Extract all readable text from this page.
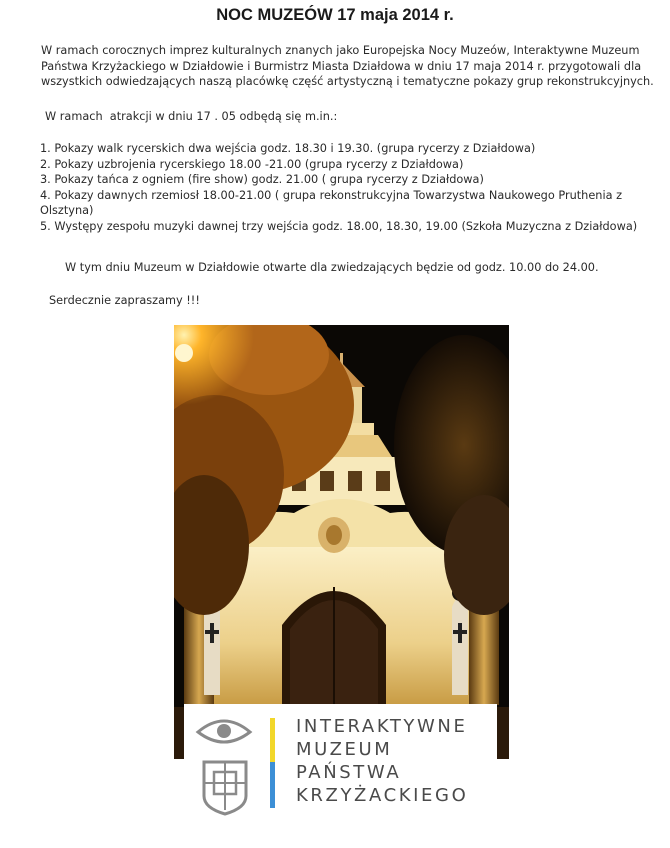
NOC MUZEÓW 17 maja 2014 r.
W ramach corocznych imprez kulturalnych znanych jako Europejska Nocy Muzeów, Interaktywne Muzeum
Państwa Krzyżackiego w Działdowie i Burmistrz Miasta Działdowa w dniu 17 maja 2014 r. przygotowali dla
wszystkich odwiedzających naszą placówkę część artystyczną i tematyczne pokazy grup rekonstrukcyjnych.
W ramach  atrakcji w dniu 17 . 05 odbędą się m.in.:
1. Pokazy walk rycerskich dwa wejścia godz. 18.30 i 19.30. (grupa rycerzy z Działdowa)
2. Pokazy uzbrojenia rycerskiego 18.00 -21.00 (grupa rycerzy z Działdowa)
3. Pokazy tańca z ogniem (fire show) godz. 21.00 ( grupa rycerzy z Działdowa)
4. Pokazy dawnych rzemiosł 18.00-21.00 ( grupa rekonstrukcyjna Towarzystwa Naukowego Pruthenia z
Olsztyna)
5. Występy zespołu muzyki dawnej trzy wejścia godz. 18.00, 18.30, 19.00 (Szkoła Muzyczna z Działdowa)
W tym dniu Muzeum w Działdowie otwarte dla zwiedzających będzie od godz. 10.00 do 24.00.
Serdecznie zapraszamy !!!
INTERAKTYWNE
MUZEUM
PAŃSTWA
KRZYŻACKIEGO
